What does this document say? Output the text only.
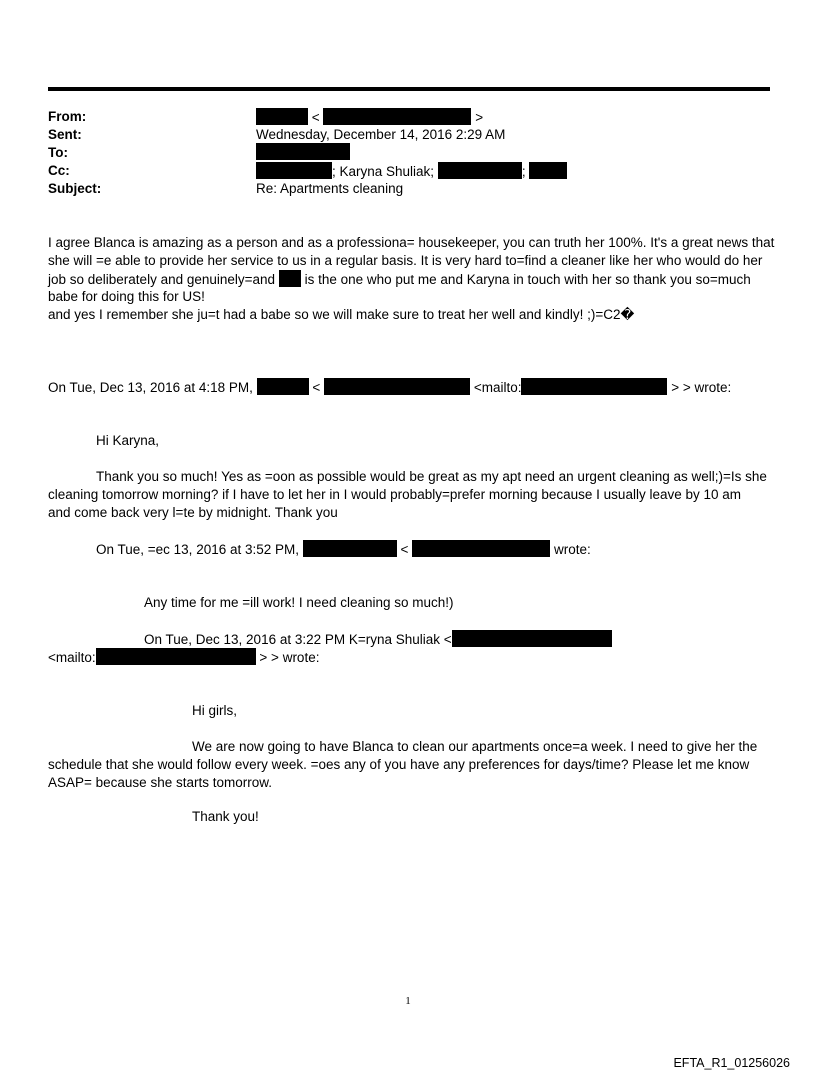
From:	<	>
Sent:	Wednesday, December 14, 2016 2:29 AM
To:
Cc:	; Karyna Shuliak;	;
Subject:	Re: Apartments cleaning
I agree Blanca is amazing as a person and as a professiona= housekeeper, you can truth her 100%. It's a great news that
she will =e able to provide her service to us in a regular basis. It is very hard to=find a cleaner like her who would do her
job so deliberately and genuinely=and is the one who put me and Karyna in touch with her so thank you so=much
babe for doing this for US!
and yes I remember she ju=t had a babe so we will make sure to treat her well and kindly! ;)=C2�
On Tue, Dec 13, 2016 at 4:18 PM,	<	<mailto:	> > wrote:
Hi Karyna,
Thank you so much! Yes as =oon as possible would be great as my apt need an urgent cleaning as well;)=Is she
cleaning tomorrow morning? if I have to let her in I would probably=prefer morning because I usually leave by 10 am
and come back very l=te by midnight. Thank you
On Tue, =ec 13, 2016 at 3:52 PM,	<	wrote:
Any time for me =ill work! I need cleaning so much!)
On Tue, Dec 13, 2016 at 3:22 PM K=ryna Shuliak <
<mailto:	> > wrote:
Hi girls,
We are now going to have Blanca to clean our apartments once=a week. I need to give her the
schedule that she would follow every week. =oes any of you have any preferences for days/time? Please let me know
ASAP= because she starts tomorrow.
Thank you!
1
EFTA_R1_01256026
